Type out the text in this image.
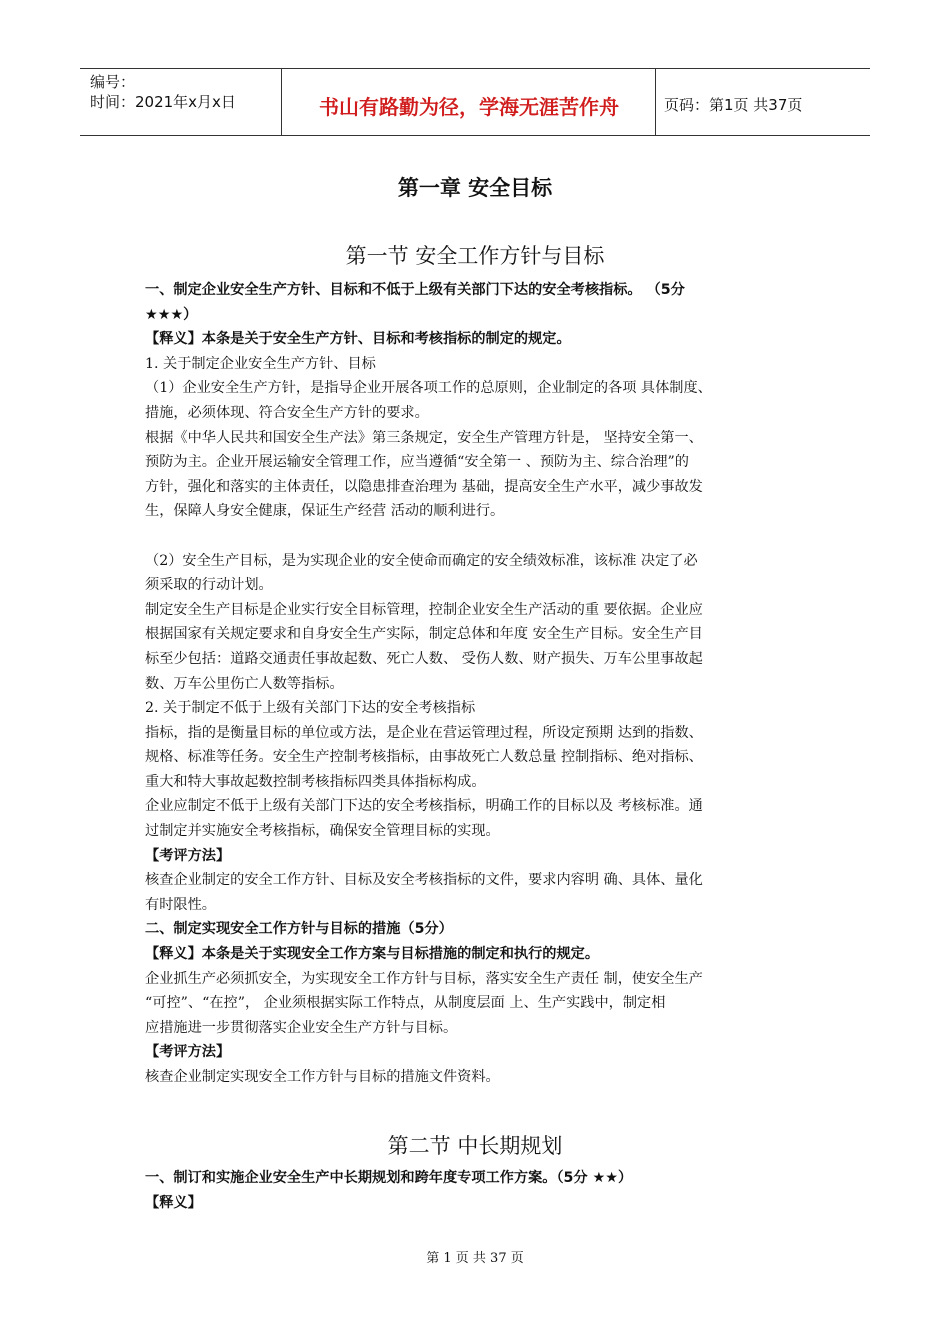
编号：
时间：2021年x月x日	书山有路勤为径，学海无涯苦作舟	页码：第1页 共37页
第一章 安全目标
第一节 安全工作方针与目标
一、制定企业安全生产方针、目标和不低于上级有关部门下达的安全考核指标。 （5分
★★★）
【释义】本条是关于安全生产方针、目标和考核指标的制定的规定。
1. 关于制定企业安全生产方针、目标
（1）企业安全生产方针，是指导企业开展各项工作的总原则，企业制定的各项 具体制度、
措施，必须体现、符合安全生产方针的要求。
根据《中华人民共和国安全生产法》第三条规定，安全生产管理方针是， 坚持安全第一、
预防为主。企业开展运输安全管理工作，应当遵循“安全第一 、预防为主、综合治理”的
方针，强化和落实的主体责任，以隐患排查治理为 基础，提高安全生产水平，减少事故发
生，保障人身安全健康，保证生产经营 活动的顺利进行。
（2）安全生产目标，是为实现企业的安全使命而确定的安全绩效标准，该标准 决定了必
须采取的行动计划。
制定安全生产目标是企业实行安全目标管理，控制企业安全生产活动的重 要依据。企业应
根据国家有关规定要求和自身安全生产实际，制定总体和年度 安全生产目标。安全生产目
标至少包括：道路交通责任事故起数、死亡人数、 受伤人数、财产损失、万车公里事故起
数、万车公里伤亡人数等指标。
2. 关于制定不低于上级有关部门下达的安全考核指标
指标，指的是衡量目标的单位或方法，是企业在营运管理过程，所设定预期 达到的指数、
规格、标准等任务。安全生产控制考核指标，由事故死亡人数总量 控制指标、绝对指标、
重大和特大事故起数控制考核指标四类具体指标构成。
企业应制定不低于上级有关部门下达的安全考核指标，明确工作的目标以及 考核标准。通
过制定并实施安全考核指标，确保安全管理目标的实现。
【考评方法】
核查企业制定的安全工作方针、目标及安全考核指标的文件，要求内容明 确、具体、量化
有时限性。
二、制定实现安全工作方针与目标的措施（5分）
【释义】本条是关于实现安全工作方案与目标措施的制定和执行的规定。
企业抓生产必须抓安全，为实现安全工作方针与目标，落实安全生产责任 制，使安全生产
“可控”、“在控”， 企业须根据实际工作特点，从制度层面 上、生产实践中，制定相
应措施进一步贯彻落实企业安全生产方针与目标。
【考评方法】
核查企业制定实现安全工作方针与目标的措施文件资料。
第二节 中长期规划
一、制订和实施企业安全生产中长期规划和跨年度专项工作方案。（5分 ★★）
【释义】
第 1 页 共 37 页
